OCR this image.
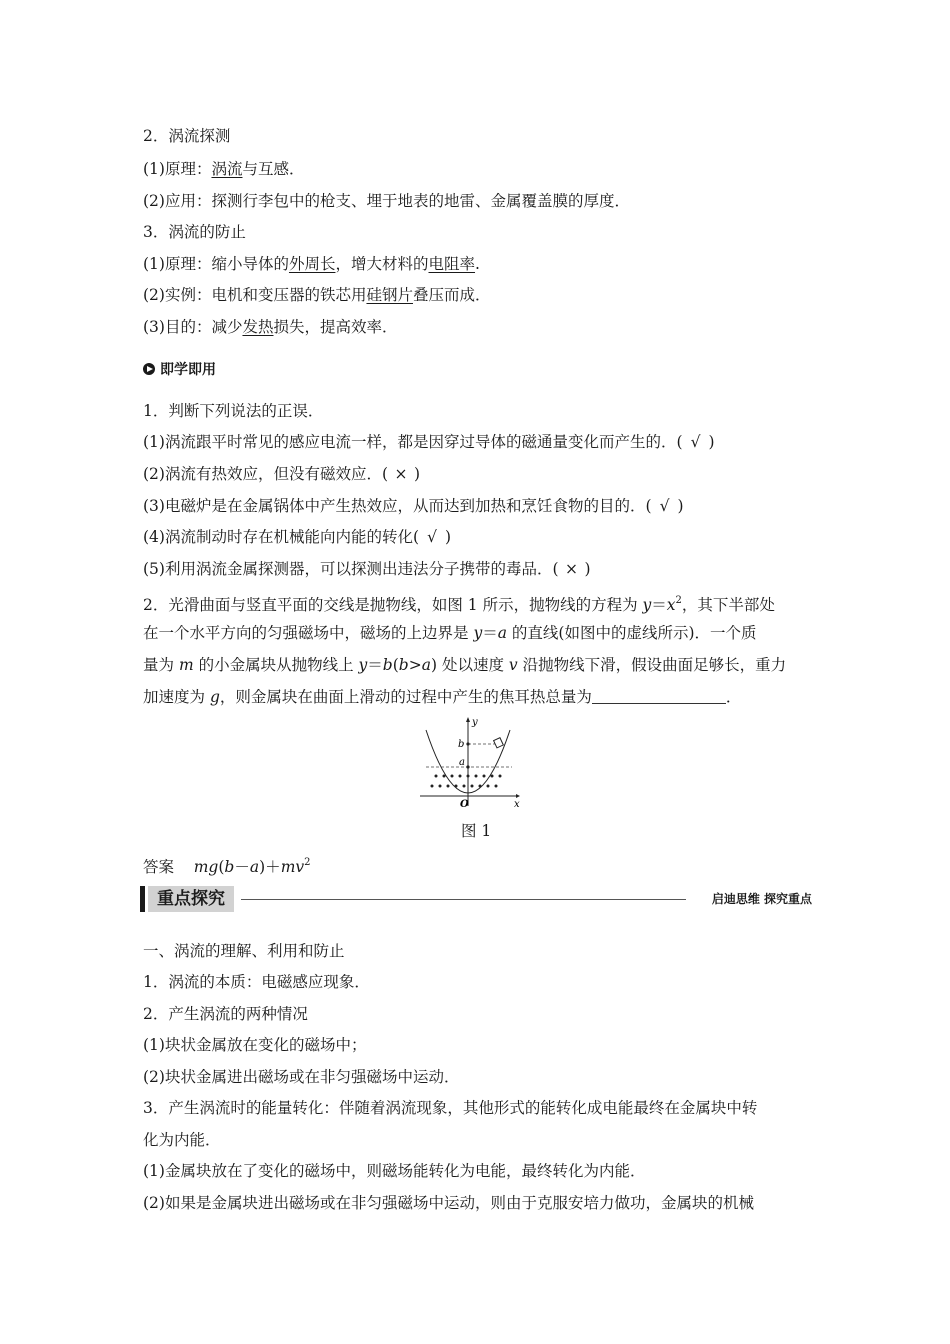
2．涡流探测
(1)原理：涡流与互感．
(2)应用：探测行李包中的枪支、埋于地表的地雷、金属覆盖膜的厚度．
3．涡流的防止
(1)原理：缩小导体的外周长，增大材料的电阻率.
(2)实例：电机和变压器的铁芯用硅钢片叠压而成．
(3)目的：减少发热损失，提高效率．
即学即用
1．判断下列说法的正误．
(1)涡流跟平时常见的感应电流一样，都是因穿过导体的磁通量变化而产生的．( √ )
(2)涡流有热效应，但没有磁效应．( × )
(3)电磁炉是在金属锅体中产生热效应，从而达到加热和烹饪食物的目的．( √ )
(4)涡流制动时存在机械能向内能的转化( √ )
(5)利用涡流金属探测器，可以探测出违法分子携带的毒品．( × )
2．光滑曲面与竖直平面的交线是抛物线，如图 1 所示，抛物线的方程为 $y=x^2$，其下半部处
在一个水平方向的匀强磁场中，磁场的上边界是 y＝a 的直线(如图中的虚线所示)．一个质
量为 m 的小金属块从抛物线上 y＝b(b>a) 处以速度 v 沿抛物线下滑，假设曲面足够长，重力
加速度为 g，则金属块在曲面上滑动的过程中产生的焦耳热总量为	．
y
x
O
a
b
图 1
答案 $mg(b-a)+mv^2$
重点探究	启迪思维 探究重点
一、涡流的理解、利用和防止
1．涡流的本质：电磁感应现象．
2．产生涡流的两种情况
(1)块状金属放在变化的磁场中；
(2)块状金属进出磁场或在非匀强磁场中运动．
3．产生涡流时的能量转化：伴随着涡流现象，其他形式的能转化成电能最终在金属块中转
化为内能．
(1)金属块放在了变化的磁场中，则磁场能转化为电能，最终转化为内能．
(2)如果是金属块进出磁场或在非匀强磁场中运动，则由于克服安培力做功，金属块的机械
